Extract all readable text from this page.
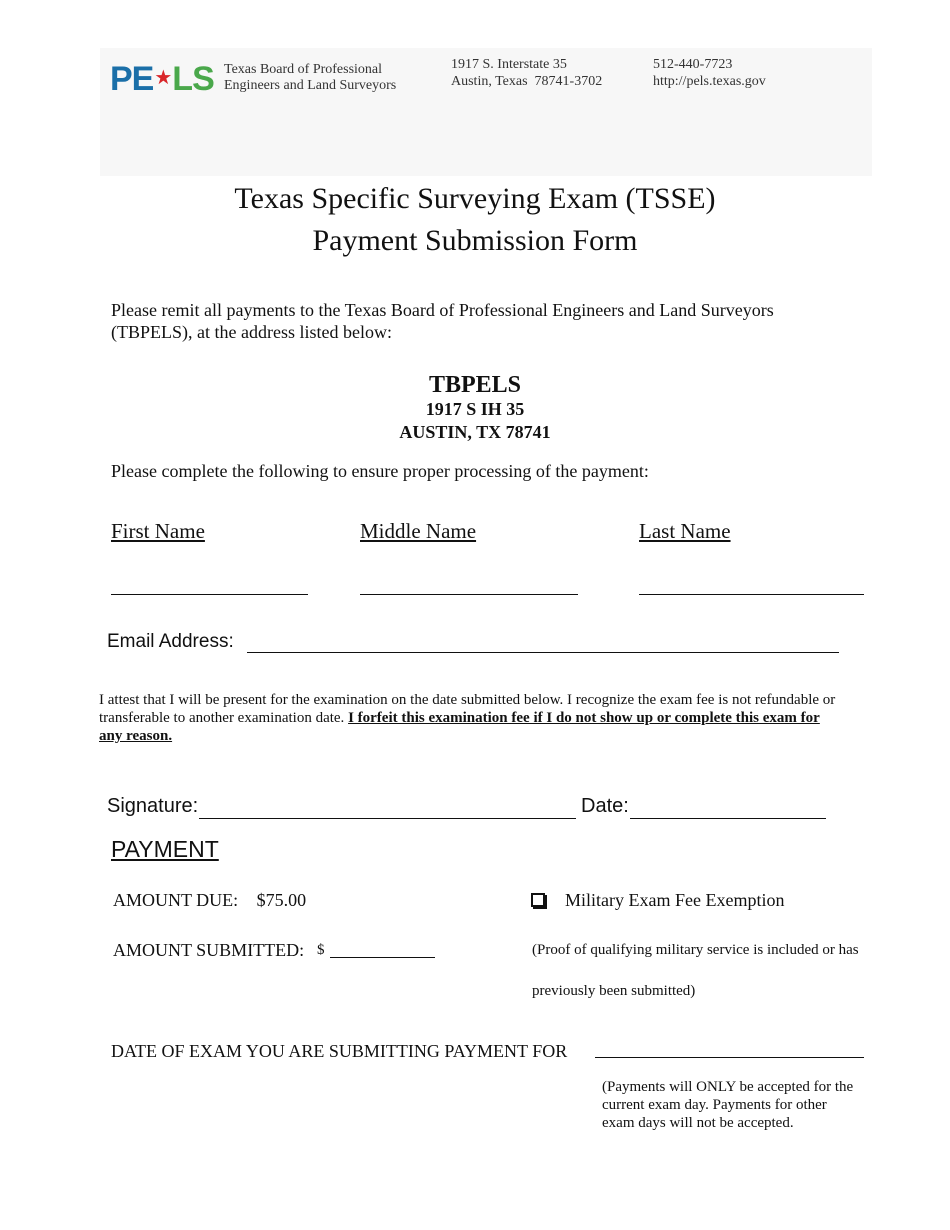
PE★LS Texas Board of Professional
Engineers and Land Surveyors
1917 S. Interstate 35
Austin, Texas  78741-3702
512-440-7723
http://pels.texas.gov
Texas Specific Surveying Exam (TSSE)
Payment Submission Form
Please remit all payments to the Texas Board of Professional Engineers and Land Surveyors
(TBPELS), at the address listed below:
TBPELS
1917 S IH 35
AUSTIN, TX 78741
Please complete the following to ensure proper processing of the payment:
First Name	Middle Name	Last Name
Email Address:
I attest that I will be present for the examination on the date submitted below. I recognize the exam fee is not refundable or
transferable to another examination date. I forfeit this examination fee if I do not show up or complete this exam for
any reason.
Signature:	Date:
PAYMENT
AMOUNT DUE: $75.00	Military Exam Fee Exemption
AMOUNT SUBMITTED: $	(Proof of qualifying military service is included or has
previously been submitted)
DATE OF EXAM YOU ARE SUBMITTING PAYMENT FOR
(Payments will ONLY be accepted for the
current exam day. Payments for other
exam days will not be accepted.
